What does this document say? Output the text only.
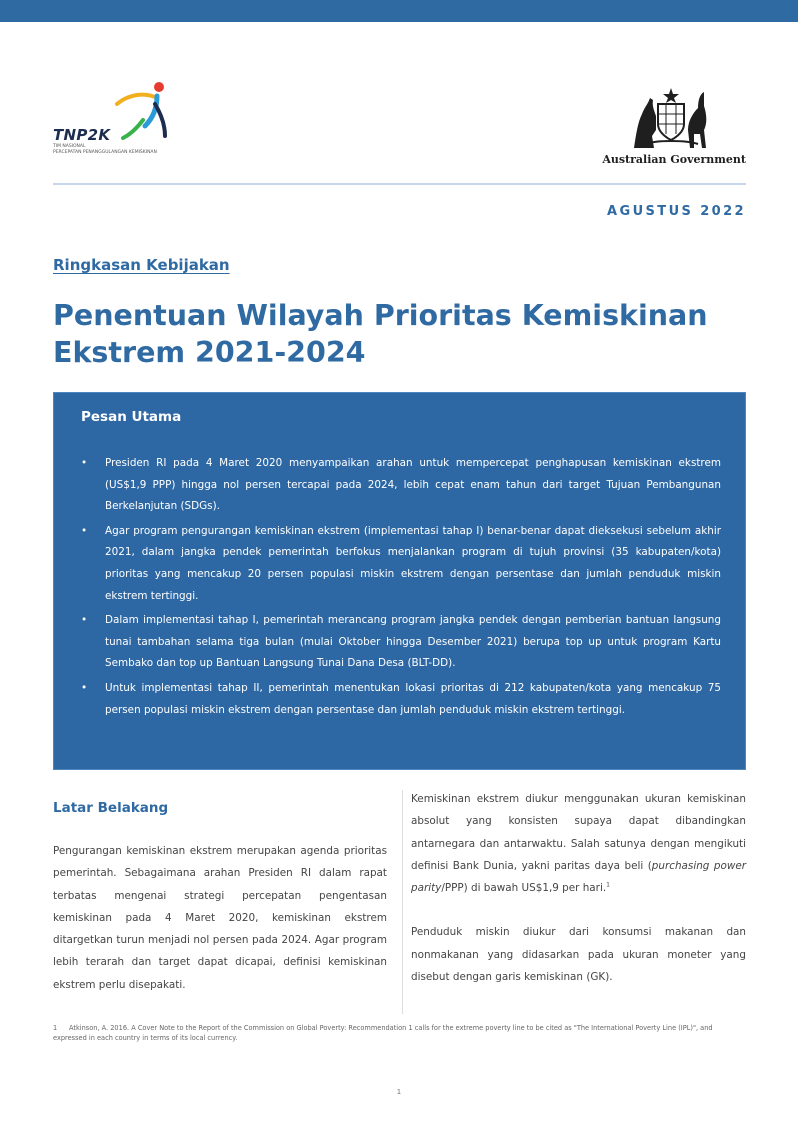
TNP2K
TIM NASIONAL
PERCEPATAN PENANGGULANGAN KEMISKINAN
Australian Government
AGUSTUS 2022
Ringkasan Kebijakan
Penentuan Wilayah Prioritas Kemiskinan Ekstrem 2021-2024
Pesan Utama
• Presiden RI pada 4 Maret 2020 menyampaikan arahan untuk mempercepat penghapusan kemiskinan ekstrem (US$1,9 PPP) hingga nol persen tercapai pada 2024, lebih cepat enam tahun dari target Tujuan Pembangunan Berkelanjutan (SDGs).
• Agar program pengurangan kemiskinan ekstrem (implementasi tahap I) benar-benar dapat dieksekusi sebelum akhir 2021, dalam jangka pendek pemerintah berfokus menjalankan program di tujuh provinsi (35 kabupaten/kota) prioritas yang mencakup 20 persen populasi miskin ekstrem dengan persentase dan jumlah penduduk miskin ekstrem tertinggi.
• Dalam implementasi tahap I, pemerintah merancang program jangka pendek dengan pemberian bantuan langsung tunai tambahan selama tiga bulan (mulai Oktober hingga Desember 2021) berupa top up untuk program Kartu Sembako dan top up Bantuan Langsung Tunai Dana Desa (BLT-DD).
• Untuk implementasi tahap II, pemerintah menentukan lokasi prioritas di 212 kabupaten/kota yang mencakup 75 persen populasi miskin ekstrem dengan persentase dan jumlah penduduk miskin ekstrem tertinggi.
Latar Belakang

Pengurangan kemiskinan ekstrem merupakan agenda prioritas pemerintah. Sebagaimana arahan Presiden RI dalam rapat terbatas mengenai strategi percepatan pengentasan kemiskinan pada 4 Maret 2020, kemiskinan ekstrem ditargetkan turun menjadi nol persen pada 2024. Agar program lebih terarah dan target dapat dicapai, definisi kemiskinan ekstrem perlu disepakati.

Kemiskinan ekstrem diukur menggunakan ukuran kemiskinan absolut yang konsisten supaya dapat dibandingkan antarnegara dan antarwaktu. Salah satunya dengan mengikuti definisi Bank Dunia, yakni paritas daya beli (purchasing power parity/PPP) di bawah US$1,9 per hari.$^1$

Penduduk miskin diukur dari konsumsi makanan dan nonmakanan yang didasarkan pada ukuran moneter yang disebut dengan garis kemiskinan (GK).

1 Atkinson, A. 2016. A Cover Note to the Report of the Commission on Global Poverty: Recommendation 1 calls for the extreme poverty line to be cited as "The International Poverty Line (IPL)", and expressed in each country in terms of its local currency.
1
